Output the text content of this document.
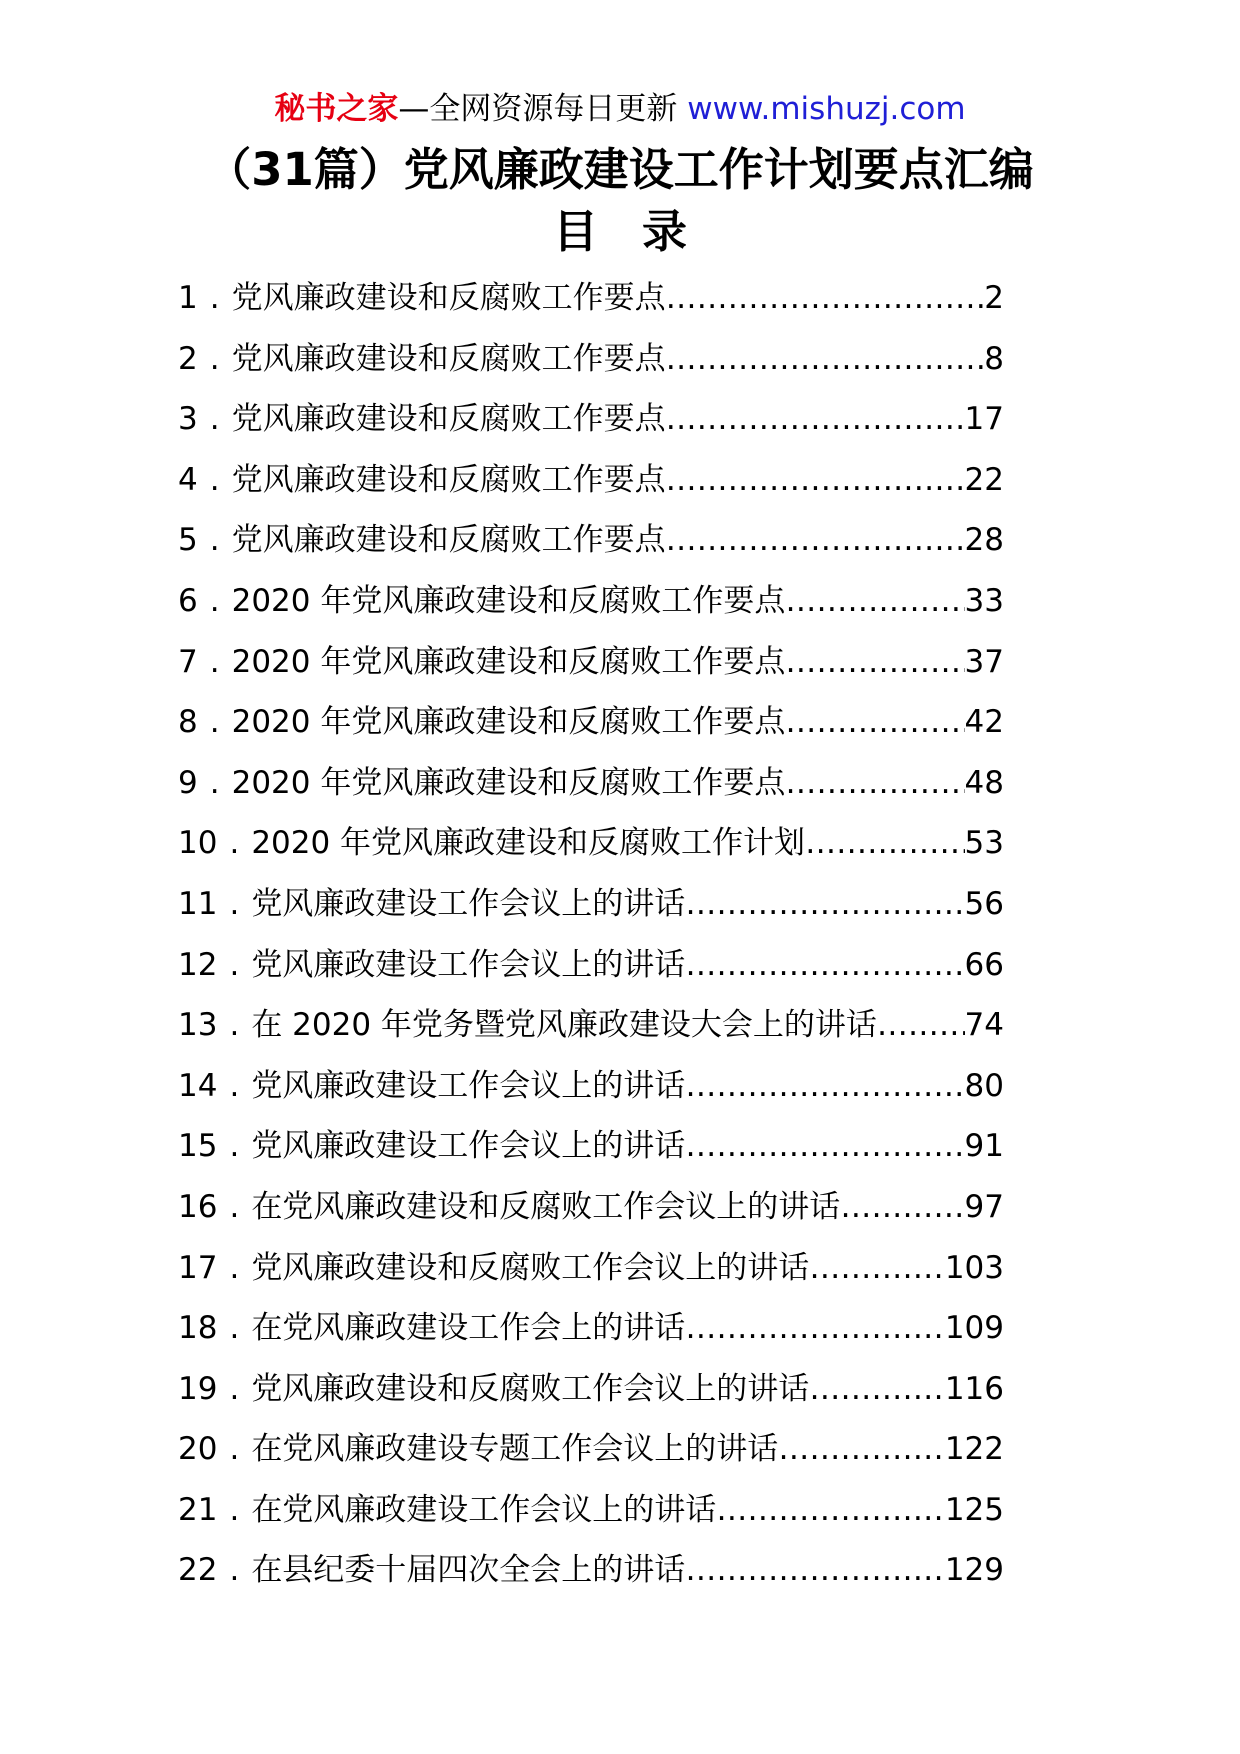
秘书之家—全网资源每日更新 www.mishuzj.com
（31篇）党风廉政建设工作计划要点汇编
目录
1 . 党风廉政建设和反腐败工作要点 ……………………………………………………………………………………………………………………………………………………………	2
2 . 党风廉政建设和反腐败工作要点 ……………………………………………………………………………………………………………………………………………………………	8
3 . 党风廉政建设和反腐败工作要点 ……………………………………………………………………………………………………………………………………………………………	17
4 . 党风廉政建设和反腐败工作要点 ……………………………………………………………………………………………………………………………………………………………	22
5 . 党风廉政建设和反腐败工作要点 ……………………………………………………………………………………………………………………………………………………………	28
6 . 2020 年党风廉政建设和反腐败工作要点 ……………………………………………………………………………………………………………………………………………………………	33
7 . 2020 年党风廉政建设和反腐败工作要点 ……………………………………………………………………………………………………………………………………………………………	37
8 . 2020 年党风廉政建设和反腐败工作要点 ……………………………………………………………………………………………………………………………………………………………	42
9 . 2020 年党风廉政建设和反腐败工作要点 ……………………………………………………………………………………………………………………………………………………………	48
10 . 2020 年党风廉政建设和反腐败工作计划 ……………………………………………………………………………………………………………………………………………………………	53
11 . 党风廉政建设工作会议上的讲话 ……………………………………………………………………………………………………………………………………………………………	56
12 . 党风廉政建设工作会议上的讲话 ……………………………………………………………………………………………………………………………………………………………	66
13 . 在 2020 年党务暨党风廉政建设大会上的讲话 ……………………………………………………………………………………………………………………………………………………………	74
14 . 党风廉政建设工作会议上的讲话 ……………………………………………………………………………………………………………………………………………………………	80
15 . 党风廉政建设工作会议上的讲话 ……………………………………………………………………………………………………………………………………………………………	91
16 . 在党风廉政建设和反腐败工作会议上的讲话 ……………………………………………………………………………………………………………………………………………………………	97
17 . 党风廉政建设和反腐败工作会议上的讲话 ……………………………………………………………………………………………………………………………………………………………	103
18 . 在党风廉政建设工作会上的讲话 ……………………………………………………………………………………………………………………………………………………………	109
19 . 党风廉政建设和反腐败工作会议上的讲话 ……………………………………………………………………………………………………………………………………………………………	116
20 . 在党风廉政建设专题工作会议上的讲话 ……………………………………………………………………………………………………………………………………………………………	122
21 . 在党风廉政建设工作会议上的讲话 ……………………………………………………………………………………………………………………………………………………………	125
22 . 在县纪委十届四次全会上的讲话 ……………………………………………………………………………………………………………………………………………………………	129
